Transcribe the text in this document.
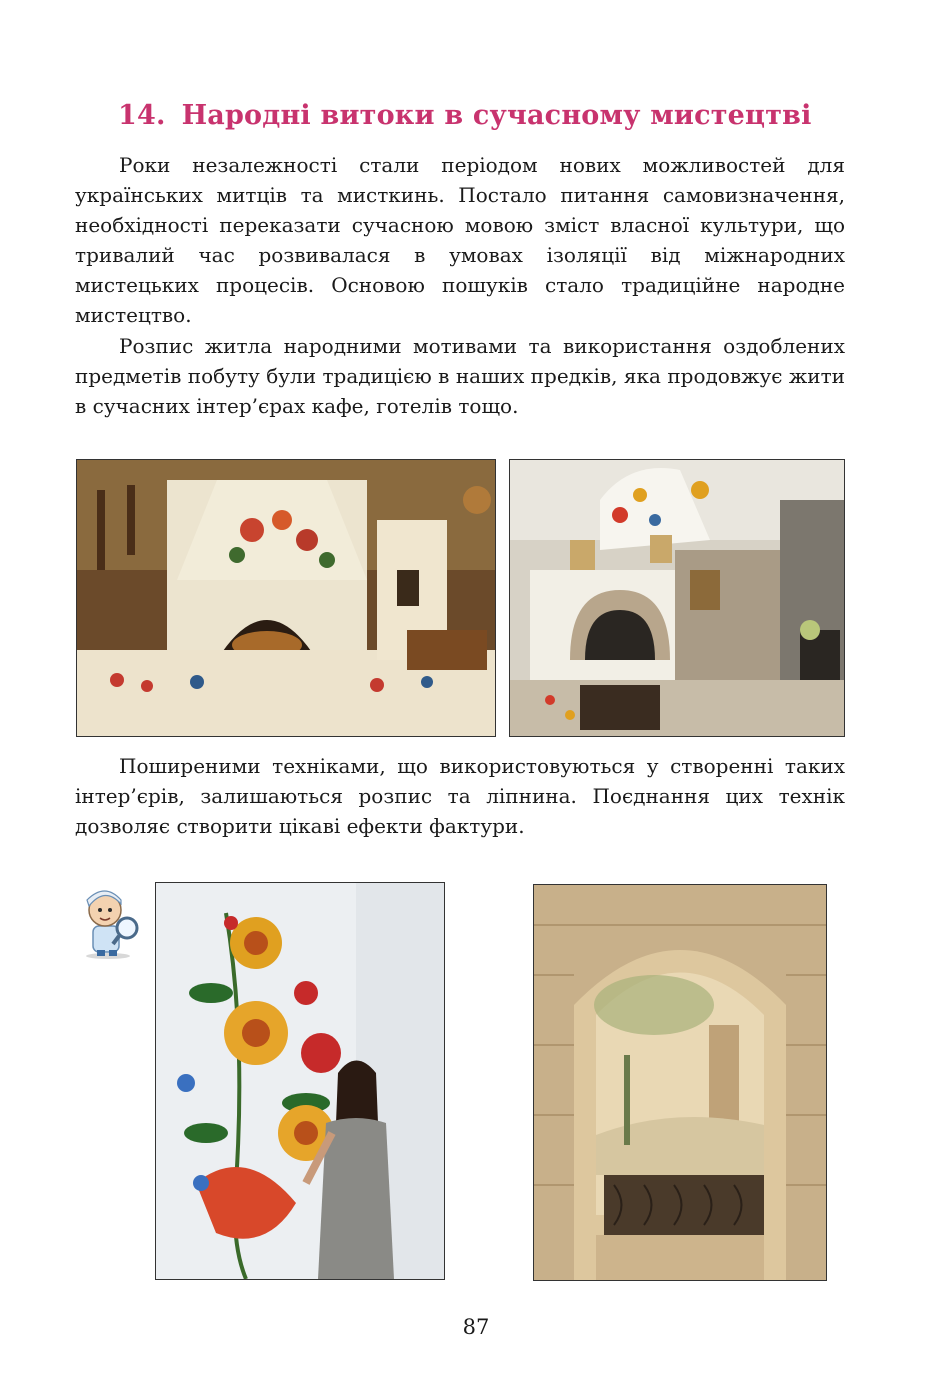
14. Народні витоки в сучасному мистецтві

Роки незалежності стали періодом нових можливостей для українських митців та мисткинь. Постало питання самовизначення, необхідності переказати сучасною мовою зміст власної культури, що тривалий час розвивалася в умовах ізоляції від міжнародних мистецьких процесів. Основою пошуків стало традиційне народне мистецтво.

Розпис житла народними мотивами та використання оздоблених предметів побуту були традицією в наших предків, яка продовжує жити в сучасних інтер’єрах кафе, готелів тощо.

Поширеними техніками, що використовуються у створенні таких інтер’єрів, залишаються розпис та ліпнина. Поєднання цих технік дозволяє створити цікаві ефекти фактури.

87
